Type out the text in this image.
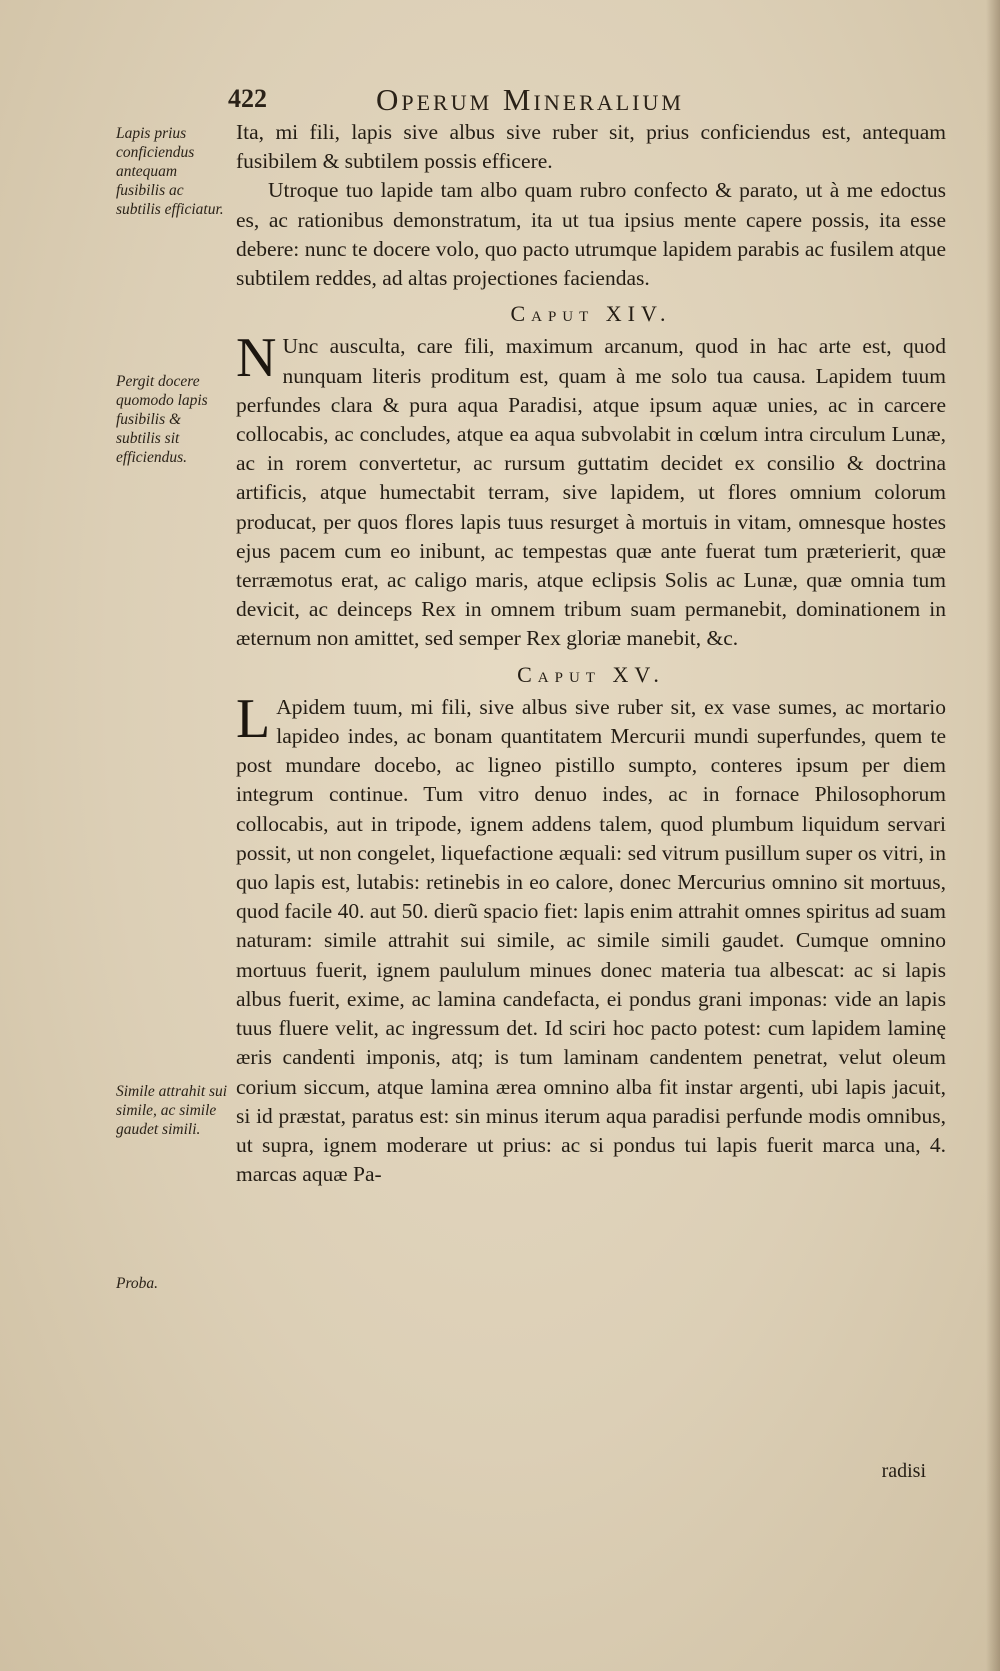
422	Operum Mineralium
Lapis prius conficiendus antequam fusibilis ac subtilis efficiatur.
Pergit docere quomodo lapis fusibilis & subtilis sit efficiendus.
Simile attrahit sui simile, ac simile gaudet simili.
Proba.

Ita, mi fili, lapis sive albus sive ruber sit, prius conficiendus est, antequam fusibilem & subtilem possis efficere.

Utroque tuo lapide tam albo quam rubro confecto & parato, ut à me edoctus es, ac rationibus demonstratum, ita ut tua ipsius mente capere possis, ita esse debere: nunc te docere volo, quo pacto utrumque lapidem parabis ac fusilem atque subtilem reddes, ad altas projectiones faciendas.

Caput XIV.

N Unc ausculta, care fili, maximum arcanum, quod in hac arte est, quod nunquam literis proditum est, quam à me solo tua causa. Lapidem tuum perfundes clara & pura aqua Paradisi, atque ipsum aquæ unies, ac in carcere collocabis, ac concludes, atque ea aqua subvolabit in cœlum intra circulum Lunæ, ac in rorem convertetur, ac rursum guttatim decidet ex consilio & doctrina artificis, atque humectabit terram, sive lapidem, ut flores omnium colorum producat, per quos flores lapis tuus resurget à mortuis in vitam, omnesque hostes ejus pacem cum eo inibunt, ac tempestas quæ ante fuerat tum præterierit, quæ terræmotus erat, ac caligo maris, atque eclipsis Solis ac Lunæ, quæ omnia tum devicit, ac deinceps Rex in omnem tribum suam permanebit, dominationem in æternum non amittet, sed semper Rex gloriæ manebit, &c.

Caput XV.

L Apidem tuum, mi fili, sive albus sive ruber sit, ex vase sumes, ac mortario lapideo indes, ac bonam quantitatem Mercurii mundi superfundes, quem te post mundare docebo, ac ligneo pistillo sumpto, conteres ipsum per diem integrum continue. Tum vitro denuo indes, ac in fornace Philosophorum collocabis, aut in tripode, ignem addens talem, quod plumbum liquidum servari possit, ut non congelet, liquefactione æquali: sed vitrum pusillum super os vitri, in quo lapis est, lutabis: retinebis in eo calore, donec Mercurius omnino sit mortuus, quod facile 40. aut 50. dierũ spacio fiet: lapis enim attrahit omnes spiritus ad suam naturam: simile attrahit sui simile, ac simile simili gaudet. Cumque omnino mortuus fuerit, ignem paululum minues donec materia tua albescat: ac si lapis albus fuerit, exime, ac lamina candefacta, ei pondus grani imponas: vide an lapis tuus fluere velit, ac ingressum det. Id sciri hoc pacto potest: cum lapidem laminę æris candenti imponis, atq; is tum laminam candentem penetrat, velut oleum corium siccum, atque lamina ærea omnino alba fit instar argenti, ubi lapis jacuit, si id præstat, paratus est: sin minus iterum aqua paradisi perfunde modis omnibus, ut supra, ignem moderare ut prius: ac si pondus tui lapis fuerit marca una, 4. marcas aquæ Pa-

radisi
